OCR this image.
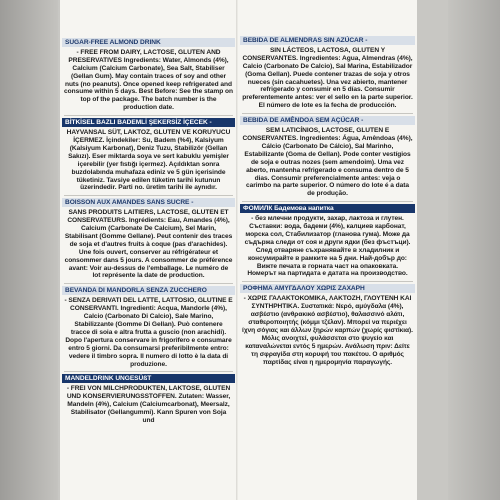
SUGAR-FREE ALMOND DRINK
- FREE FROM DAIRY, LACTOSE, GLUTEN AND PRESERVATIVES Ingredients: Water, Almonds (4%), Calcium (Calcium Carbonate), Sea Salt, Stabiliser (Gellan Gum). May contain traces of soy and other nuts (no peanuts). Once opened keep refrigerated and consume within 5 days. Best Before: See the stamp on top of the package. The batch number is the production date.
BİTKİSEL BAZLI BADEMLİ ŞEKERSİZ İÇECEK -
HAYVANSAL SÜT, LAKTOZ, GLUTEN VE KORUYUCU İÇERMEZ. İçindekiler: Su, Badem (%4), Kalsiyum (Kalsiyum Karbonat), Deniz Tuzu, Stabilizör (Gellan Sakızı). Eser miktarda soya ve sert kabuklu yemişler içerebilir (yer fıstığı içermez). Açıldıktan sonra buzdolabında muhafaza ediniz ve 5 gün içerisinde tüketiniz. Tavsiye edilen tüketim tarihi kutunun üzerindedir. Parti no. üretim tarihi ile aynıdır.
BOISSON AUX AMANDES SANS SUCRE -
SANS PRODUITS LAITIERS, LACTOSE, GLUTEN ET CONSERVATEURS. Ingrédients: Eau, Amandes (4%), Calcium (Carbonate De Calcium), Sel Marin, Stabilisant (Gomme Gellane). Peut contenir des traces de soja et d'autres fruits à coque (pas d'arachides). Une fois ouvert, conserver au réfrigérateur et consommer dans 5 jours. A consommer de préférence avant: Voir au-dessus de l'emballage. Le numéro de lot représente la date de production.
BEVANDA DI MANDORLA SENZA ZUCCHERO
- SENZA DERIVATI DEL LATTE, LATTOSIO, GLUTINE E CONSERVANTI. Ingredienti: Acqua, Mandorle (4%), Calcio (Carbonato Di Calcio), Sale Marino, Stabilizzante (Gomme Di Gellan). Può contenere tracce di soia e altra frutta a guscio (non arachidi). Dopo l'apertura conservare in frigorifero e consumare entro 5 giorni. Da consumarsi preferibilmente entro: vedere il timbro sopra. Il numero di lotto è la data di produzione.
MANDELDRINK UNGESÜßT
- FREI VON MILCHPRODUKTEN, LAKTOSE, GLUTEN UND KONSERVIERUNGSSTOFFEN. Zutaten: Wasser, Mandeln (4%), Calcium (Calciumcarbonat), Meersalz, Stabilisator (Gellangummi). Kann Spuren von Soja und
BEBIDA DE ALMENDRAS SIN AZÚCAR -
SIN LÁCTEOS, LACTOSA, GLUTEN Y CONSERVANTES. Ingredientes: Agua, Almendras (4%), Calcio (Carbonato De Calcio), Sal Marina, Estabilizador (Goma Gellan). Puede contener trazas de soja y otros nueces (sin cacahuetes). Una vez abierto, mantener refrigerado y consumir en 5 días. Consumir preferentemente antes: ver el sello en la parte superior. El número de lote es la fecha de producción.
BEBIDA DE AMÊNDOA SEM AÇÚCAR -
SEM LATICÍNIOS, LACTOSE, GLUTEN E CONSERVANTES. Ingredientes: Água, Amêndoas (4%), Cálcio (Carbonato De Cálcio), Sal Marinho, Estabilizante (Goma de Gellan). Pode conter vestígios de soja e outras nozes (sem amendoim). Uma vez aberto, mantenha refrigerado e consuma dentro de 5 dias. Consumir preferencialmente antes: veja o carimbo na parte superior. O número do lote é a data de produção.
ФОМИЛК Бадемова напитка
- без млечни продукти, захар, лактоза и глутен. Съставки: вода, бадеми (4%), калциев карбонат, морска сол, Стабилизатор (гланова гума). Може да съдържа следи от соя и други ядки (без фъстъци). След отваряне съхранявайте в хладилник и консумирайте в рамките на 5 дни. Най-добър до: Вижте печата в горната част на опаковката. Номерът на партидата е датата на производство.
ΡΟΦΗΜΑ ΑΜΥΓΔΑΛΟΥ ΧΩΡΙΣ ΖΑΧΑΡΗ
- ΧΩΡΙΣ ΓΑΛΑΚΤΟΚΟΜΙΚΑ, ΛΑΚΤΟΖΗ, ΓΛΟΥΤΕΝΗ ΚΑΙ ΣΥΝΤΗΡΗΤΙΚΑ. Συστατικά: Νερό, αμύγδαλα (4%), ασβέστιο (ανθρακικό ασβέστιο), θαλασσινό αλάτι, σταθεροποιητής (κόμμι τζέλαν). Μπορεί να περιέχει ίχνη σόγιας και άλλων ξηρών καρπών (χωρίς φιστίκια). Μόλις ανοιχτεί, φυλάσσεται στο ψυγείο και καταναλώνεται εντός 5 ημερών. Ανάλωση πριν: Δείτε τη σφραγίδα στη κορυφή του πακέτου. Ο αριθμός παρτίδας είναι η ημερομηνία παραγωγής.
